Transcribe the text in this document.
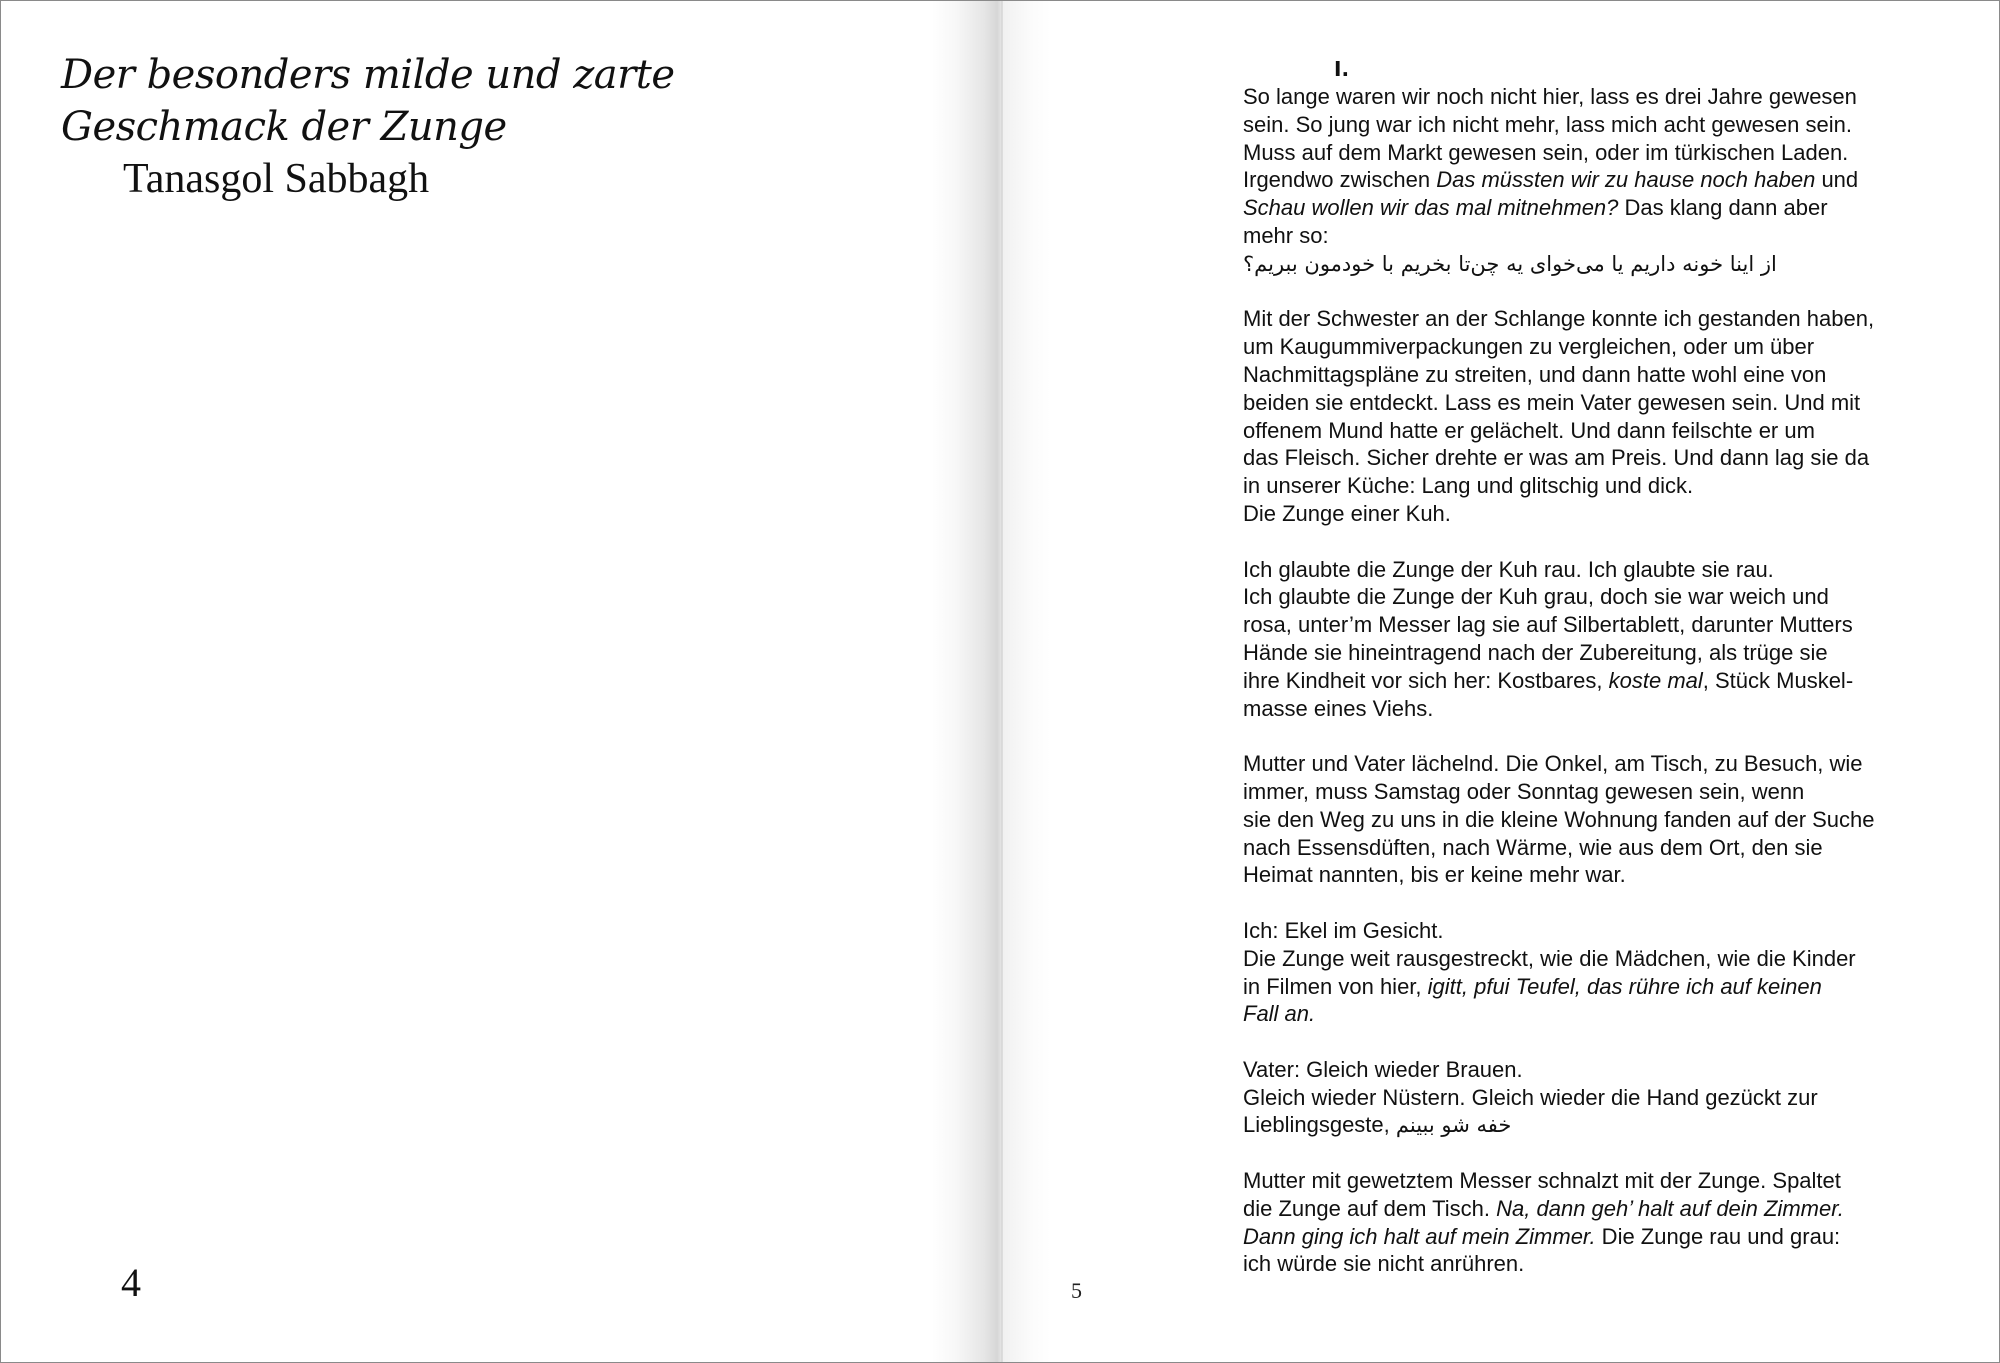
Der besonders milde und zarte
Geschmack der Zunge
Tanasgol Sabbagh
4
I.
So lange waren wir noch nicht hier, lass es drei Jahre gewesen
sein. So jung war ich nicht mehr, lass mich acht gewesen sein.
Muss auf dem Markt gewesen sein, oder im türkischen Laden.
Irgendwo zwischen Das müssten wir zu hause noch haben und
Schau wollen wir das mal mitnehmen? Das klang dann aber
mehr so:
از اینا خونه داریم یا می‌خوای یه چن‌تا بخریم با خودمون ببریم؟
Mit der Schwester an der Schlange konnte ich gestanden haben,
um Kaugummiverpackungen zu vergleichen, oder um über
Nachmittagspläne zu streiten, und dann hatte wohl eine von
beiden sie entdeckt. Lass es mein Vater gewesen sein. Und mit
offenem Mund hatte er gelächelt. Und dann feilschte er um
das Fleisch. Sicher drehte er was am Preis. Und dann lag sie da
in unserer Küche: Lang und glitschig und dick.
Die Zunge einer Kuh.
Ich glaubte die Zunge der Kuh rau. Ich glaubte sie rau.
Ich glaubte die Zunge der Kuh grau, doch sie war weich und
rosa, unter’m Messer lag sie auf Silbertablett, darunter Mutters
Hände sie hineintragend nach der Zubereitung, als trüge sie
ihre Kindheit vor sich her: Kostbares, koste mal, Stück Muskel-
masse eines Viehs.
Mutter und Vater lächelnd. Die Onkel, am Tisch, zu Besuch, wie
immer, muss Samstag oder Sonntag gewesen sein, wenn
sie den Weg zu uns in die kleine Wohnung fanden auf der Suche
nach Essensdüften, nach Wärme, wie aus dem Ort, den sie
Heimat nannten, bis er keine mehr war.
Ich: Ekel im Gesicht.
Die Zunge weit rausgestreckt, wie die Mädchen, wie die Kinder
in Filmen von hier, igitt, pfui Teufel, das rühre ich auf keinen
Fall an.
Vater: Gleich wieder Brauen.
Gleich wieder Nüstern. Gleich wieder die Hand gezückt zur
Lieblingsgeste, خفه شو ببینم
Mutter mit gewetztem Messer schnalzt mit der Zunge. Spaltet
die Zunge auf dem Tisch. Na, dann geh’ halt auf dein Zimmer.
Dann ging ich halt auf mein Zimmer. Die Zunge rau und grau:
ich würde sie nicht anrühren.
5
